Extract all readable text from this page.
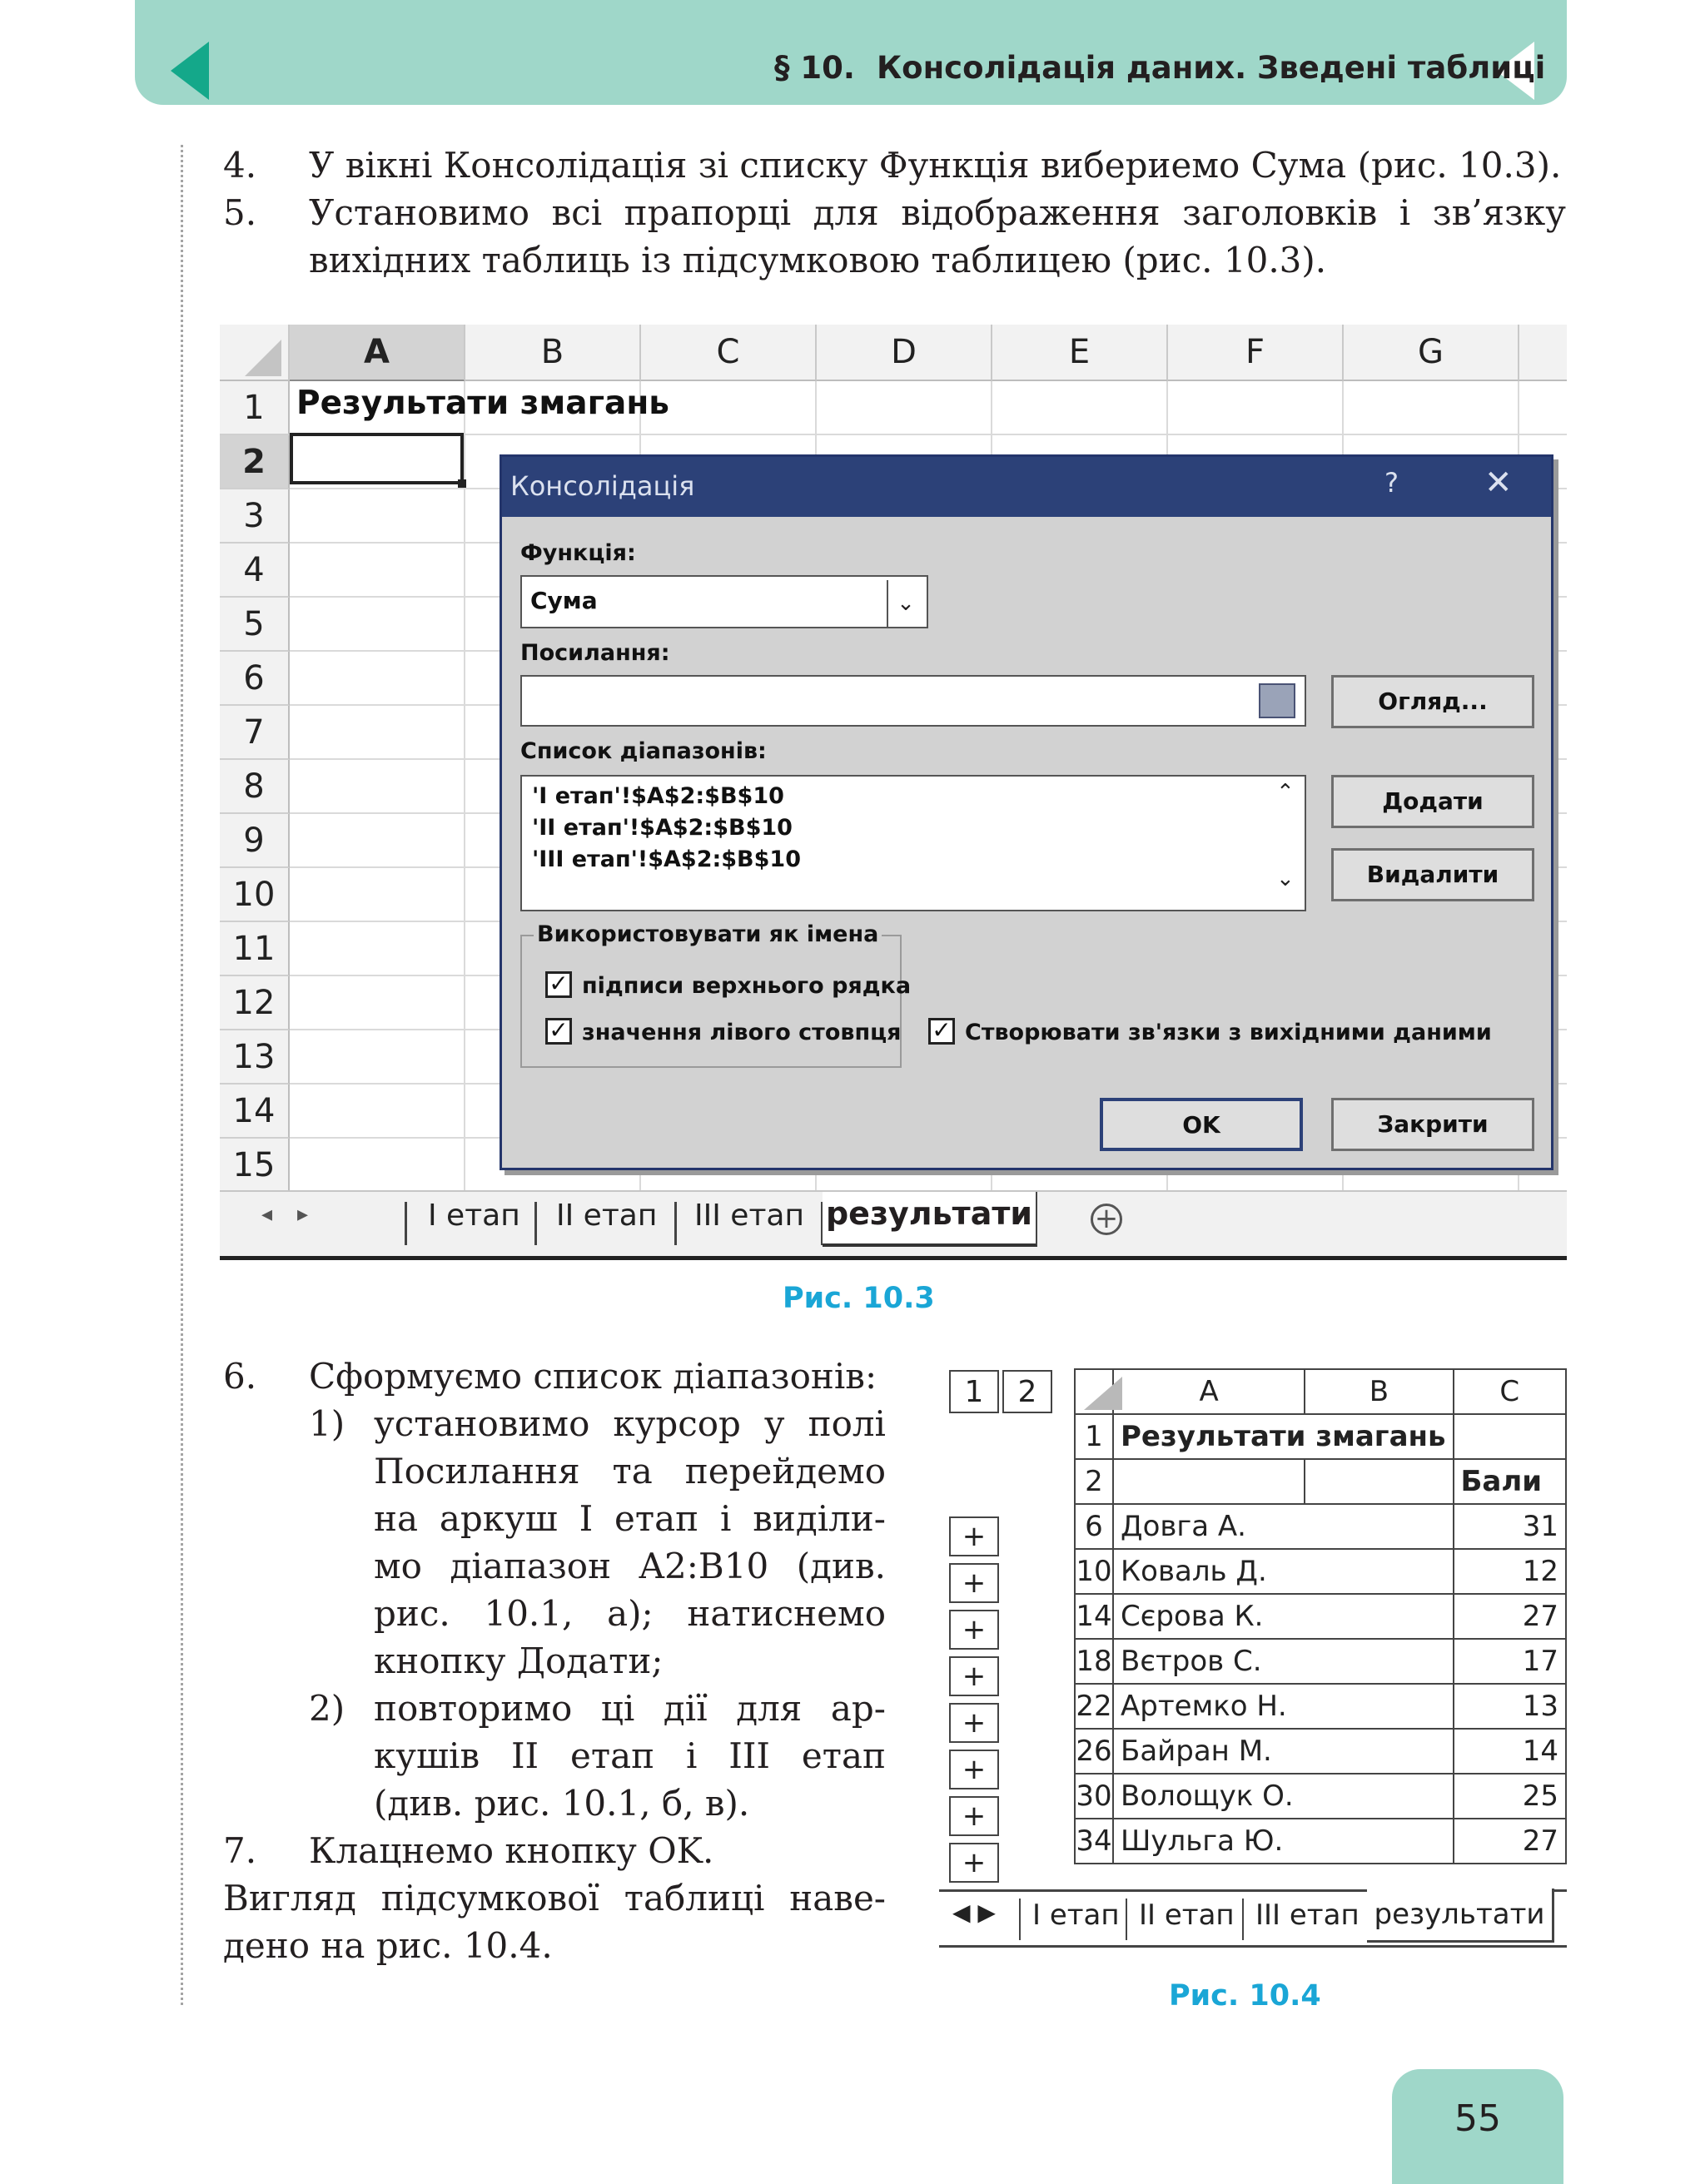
§ 10. Консолідація даних. Зведені таблиці
4. У вікні Консолідація зі списку Функція вибериемо Сума (рис. 10.3).
5. Установимо всі прапорці для відображення заголовків і зв’язку
вихідних таблиць із підсумковою таблицею (рис. 10.3).
A	B	C	D	E	F	G
1
2
3
4
5
6
7
8
9
10
11
12
13
14
15
Результати змагань
◂▸	І етап ІІ етап ІІІ етап результати +
Консолідація	?	✕
Функція:
Сума	⌄
Посилання:
Огляд...
Список діапазонів:
'І етап'!$A$2:$B$10
'ІІ етап'!$A$2:$B$10
'ІІІ етап'!$A$2:$B$10
⌃
⌄
Додати
Видалити
Використовувати як імена
✓ підписи верхнього рядка
✓ значення лівого стовпця ✓ Створювати зв'язки з вихідними даними
OK	Закрити
Рис. 10.3
6. Сформуємо список діапазонів:
1) установимо курсор у полі
Посилання та перейдемо
на аркуш І етап і виділи-
мо діапазон A2:B10 (див.
рис. 10.1, а); натиснемо
кнопку Додати;
2) повторимо ці дії для ар-
кушів ІІ етап і ІІІ етап
(див. рис. 10.1, б, в).
7. Клацнемо кнопку OK.
Вигляд підсумкової таблиці наве-
дено на рис. 10.4.
1	2
+
+
+
+
+
+
+
+
	A	B	C
1	Результати змагань		
2			Бали
6	Довга А.		31
10	Коваль Д.		12
14	Сєрова К.		27
18	Вєтров С.		17
22	Артемко Н.		13
26	Байран М.		14
30	Волощук О.		25
34	Шульга Ю.		27
◀ ▶ І етап ІІ етап ІІІ етап результати
Рис. 10.4
55
